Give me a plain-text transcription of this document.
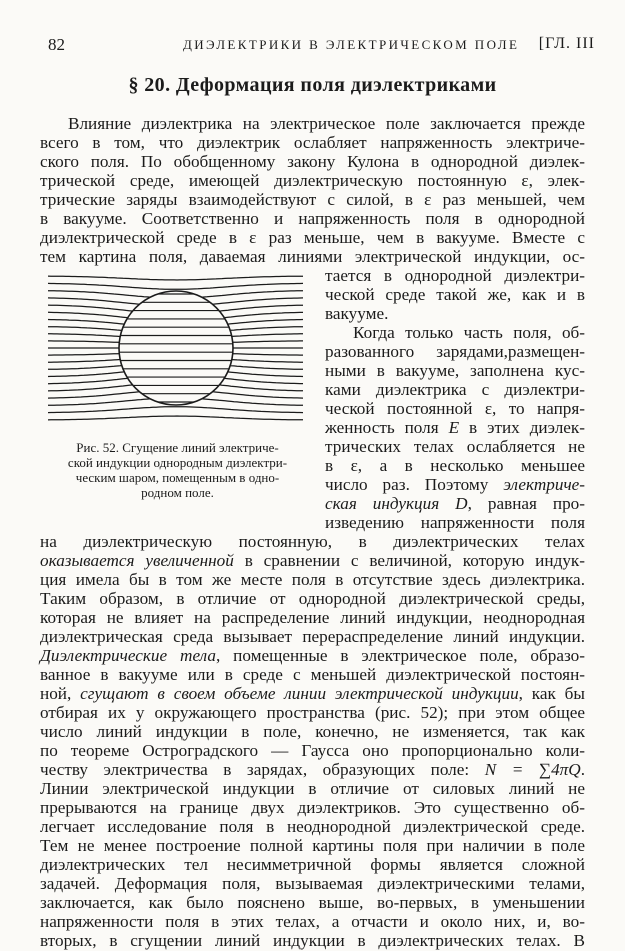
82	ДИЭЛЕКТРИКИ В ЭЛЕКТРИЧЕСКОМ ПОЛЕ [ГЛ. III
§ 20. Деформация поля диэлектриками
Влияние диэлектрика на электрическое поле заключается прежде
всего в том, что диэлектрик ослабляет напряженность электриче-
ского поля. По обобщенному закону Кулона в однородной диэлек-
трической среде, имеющей диэлектрическую постоянную ε, элек-
трические заряды взаимодействуют с силой, в ε раз меньшей, чем
в вакууме. Соответственно и напряженность поля в однородной
диэлектрической среде в ε раз меньше, чем в вакууме. Вместе с
тем картина поля, даваемая линиями электрической индукции, ос-
тается в однородной диэлектри-
ческой среде такой же, как и в
вакууме.
Когда только часть поля, об-
разованного зарядами,размещен-
ными в вакууме, заполнена кус-
ками диэлектрика с диэлектри-
ческой постоянной ε, то напря-
женность поля E в этих диэлек-
трических телах ослабляется не
в ε, а в несколько меньшее
число раз. Поэтому электриче-
ская индукция D, равная про-
изведению напряженности поля
Рис. 52. Сгущение линий электриче-
ской индукции однородным диэлектри-
ческим шаром, помещенным в одно-
родном поле.
на диэлектрическую постоянную, в диэлектрических телах
оказывается увеличенной в сравнении с величиной, которую индук-
ция имела бы в том же месте поля в отсутствие здесь диэлектрика.
Таким образом, в отличие от однородной диэлектрической среды,
которая не влияет на распределение линий индукции, неоднородная
диэлектрическая среда вызывает перераспределение линий индукции.
Диэлектрические тела, помещенные в электрическое поле, образо-
ванное в вакууме или в среде с меньшей диэлектрической постоян-
ной, сгущают в своем объеме линии электрической индукции, как бы
отбирая их у окружающего пространства (рис. 52); при этом общее
число линий индукции в поле, конечно, не изменяется, так как
по теореме Остроградского — Гаусса оно пропорционально коли-
честву электричества в зарядах, образующих поле: N = ∑4πQ.
Линии электрической индукции в отличие от силовых линий не
прерываются на границе двух диэлектриков. Это существенно об-
легчает исследование поля в неоднородной диэлектрической среде.
Тем не менее построение полной картины поля при наличии в поле
диэлектрических тел несимметричной формы является сложной
задачей. Деформация поля, вызываемая диэлектрическими телами,
заключается, как было пояснено выше, во-первых, в уменьшении
напряженности поля в этих телах, а отчасти и около них, и, во-
вторых, в сгущении линий индукции в диэлектрических телах. В
